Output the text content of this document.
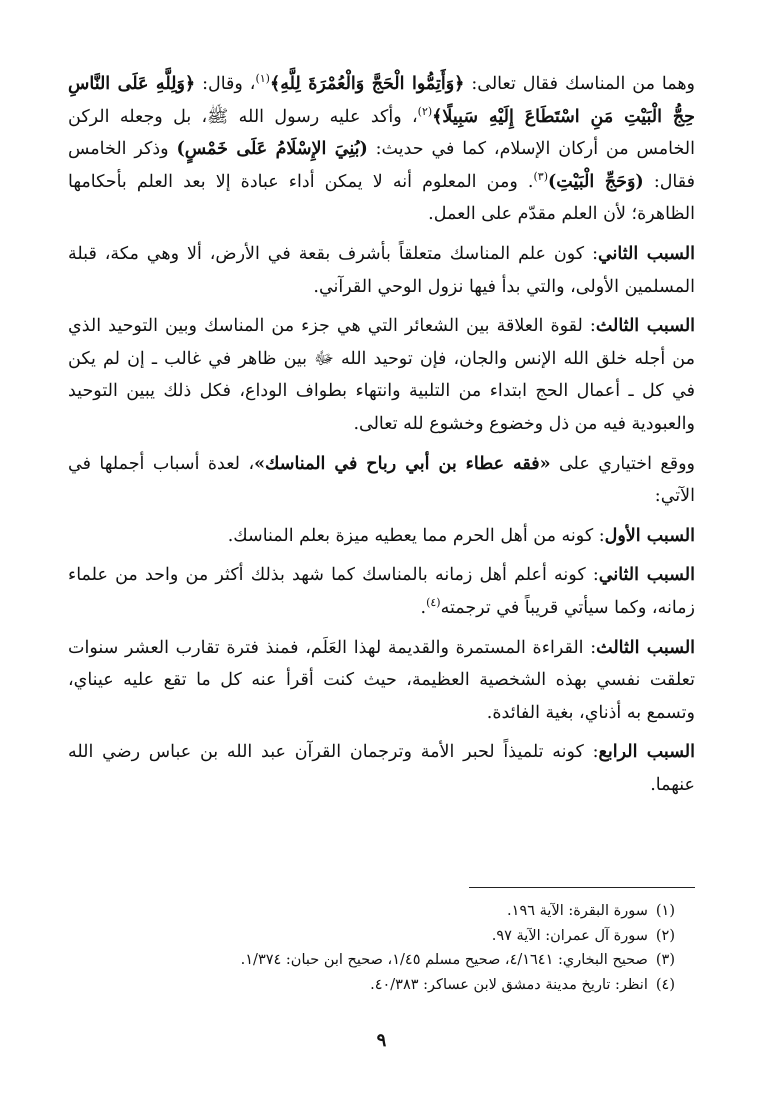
وهما من المناسك فقال تعالى: ﴿وَأَتِمُّوا الْحَجَّ وَالْعُمْرَةَ لِلَّهِ﴾$^{(١)}$، وقال: ﴿وَلِلَّهِ عَلَى النَّاسِ حِجُّ الْبَيْتِ مَنِ اسْتَطَاعَ إِلَيْهِ سَبِيلًا﴾$^{(٢)}$، وأكد عليه رسول الله ﷺ، بل وجعله الركن الخامس من أركان الإسلام، كما في حديث: (بُنِيَ الإِسْلَامُ عَلَى خَمْسٍ) وذكر الخامس فقال: (وَحَجِّ الْبَيْتِ)$^{(٣)}$. ومن المعلوم أنه لا يمكن أداء عبادة إلا بعد العلم بأحكامها الظاهرة؛ لأن العلم مقدّم على العمل.

السبب الثاني: كون علم المناسك متعلقاً بأشرف بقعة في الأرض، ألا وهي مكة، قبلة المسلمين الأولى، والتي بدأ فيها نزول الوحي القرآني.

السبب الثالث: لقوة العلاقة بين الشعائر التي هي جزء من المناسك وبين التوحيد الذي من أجله خلق الله الإنس والجان، فإن توحيد الله ﷻ بين ظاهر في غالب ـ إن لم يكن في كل ـ أعمال الحج ابتداء من التلبية وانتهاء بطواف الوداع، فكل ذلك يبين التوحيد والعبودية فيه من ذل وخضوع وخشوع لله تعالى.

ووقع اختياري على «فقه عطاء بن أبي رباح في المناسك»، لعدة أسباب أجملها في الآتي:

السبب الأول: كونه من أهل الحرم مما يعطيه ميزة بعلم المناسك.

السبب الثاني: كونه أعلم أهل زمانه بالمناسك كما شهد بذلك أكثر من واحد من علماء زمانه، وكما سيأتي قريباً في ترجمته$^{(٤)}$.

السبب الثالث: القراءة المستمرة والقديمة لهذا العَلَم، فمنذ فترة تقارب العشر سنوات تعلقت نفسي بهذه الشخصية العظيمة، حيث كنت أقرأ عنه كل ما تقع عليه عيناي، وتسمع به أذناي، بغية الفائدة.

السبب الرابع: كونه تلميذاً لحبر الأمة وترجمان القرآن عبد الله بن عباس رضي الله عنهما.

(١)سورة البقرة: الآية ١٩٦.

(٢)سورة آل عمران: الآية ٩٧.

(٣)صحيح البخاري: ٤/١٦٤١، صحيح مسلم ١/٤٥، صحيح ابن حبان: ١/٣٧٤.

(٤)انظر: تاريخ مدينة دمشق لابن عساكر: ٤٠/٣٨٣.

٩
